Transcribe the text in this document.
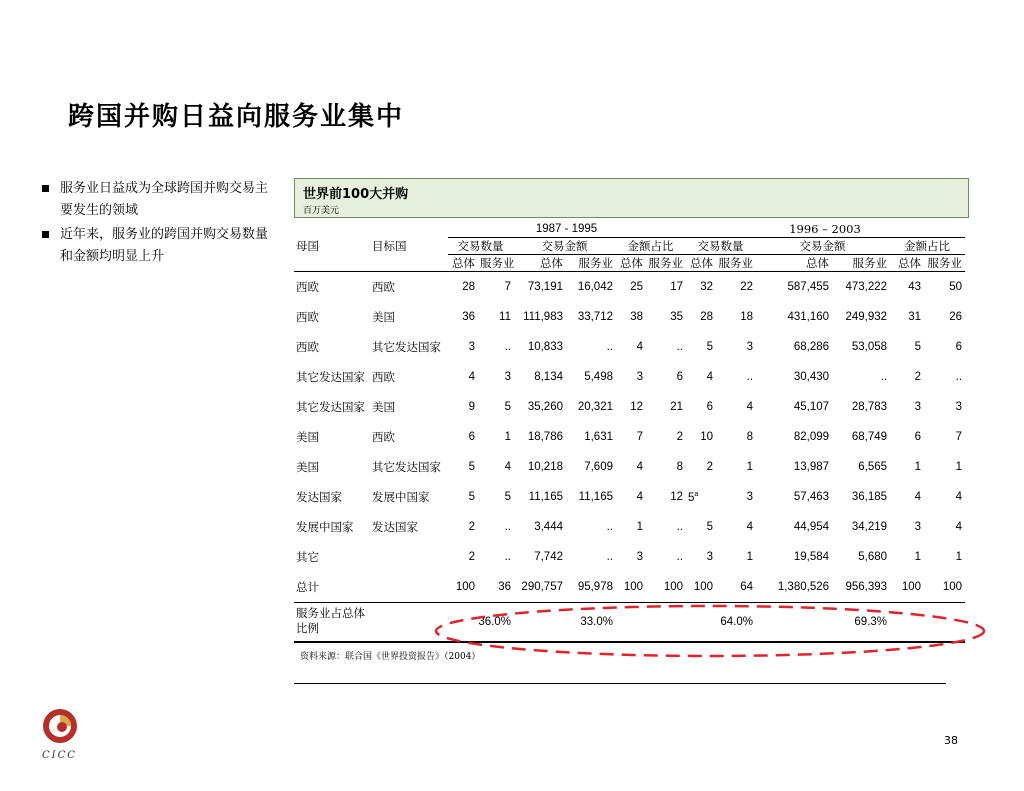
跨国并购日益向服务业集中
服务业日益成为全球跨国并购交易主要发生的领域
近年来，服务业的跨国并购交易数量和金额均明显上升
世界前100大并购
百万美元
		1987 - 1995						1996 – 2003					
母国	目标国	交易数量		交易金额		金额占比		交易数量		交易金额		金额占比	
		总体	服务业	总体	服务业	总体	服务业	总体	服务业	总体	服务业	总体	服务业
西欧	西欧	28	7	73,191	16,042	25	17	32	22	587,455	473,222	43	50
西欧	美国	36	11	111,983	33,712	38	35	28	18	431,160	249,932	31	26
西欧	其它发达国家	3	..	10,833	..	4	..	5	3	68,286	53,058	5	6
其它发达国家	西欧	4	3	8,134	5,498	3	6	4	..	30,430	..	2	..
其它发达国家	美国	9	5	35,260	20,321	12	21	6	4	45,107	28,783	3	3
美国	西欧	6	1	18,786	1,631	7	2	10	8	82,099	68,749	6	7
美国	其它发达国家	5	4	10,218	7,609	4	8	2	1	13,987	6,565	1	1
发达国家	发展中国家	5	5	11,165	11,165	4	12	5$^a$	3	57,463	36,185	4	4
发展中国家	发达国家	2	..	3,444	..	1	..	5	4	44,954	34,219	3	4
其它		2	..	7,742	..	3	..	3	1	19,584	5,680	1	1
总计		100	36	290,757	95,978	100	100	100	64	1,380,526	956,393	100	100
服务业占总体
比例		36.0%		33.0%				64.0%		69.3%			

资料来源：联合国《世界投资报告》（2004）
CICC
38
